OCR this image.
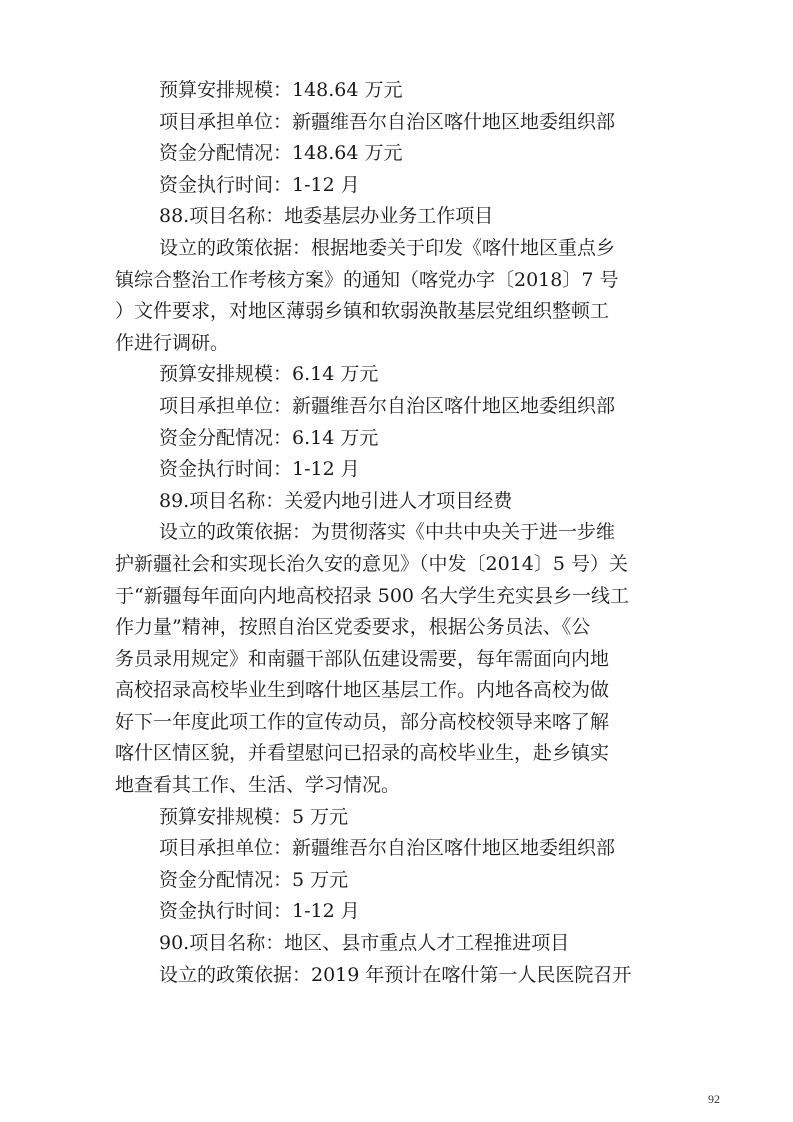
预算安排规模：148.64 万元
项目承担单位：新疆维吾尔自治区喀什地区地委组织部
资金分配情况：148.64 万元
资金执行时间：1-12 月
88.项目名称：地委基层办业务工作项目
设立的政策依据：根据地委关于印发《喀什地区重点乡
镇综合整治工作考核方案》的通知（喀党办字〔2018〕7 号
）文件要求，对地区薄弱乡镇和软弱涣散基层党组织整顿工
作进行调研。
预算安排规模：6.14 万元
项目承担单位：新疆维吾尔自治区喀什地区地委组织部
资金分配情况：6.14 万元
资金执行时间：1-12 月
89.项目名称：关爱内地引进人才项目经费
设立的政策依据：为贯彻落实《中共中央关于进一步维
护新疆社会和实现长治久安的意见》（中发〔2014〕5 号）关
于“新疆每年面向内地高校招录 500 名大学生充实县乡一线工
作力量”精神，按照自治区党委要求，根据公务员法、《公
务员录用规定》和南疆干部队伍建设需要，每年需面向内地
高校招录高校毕业生到喀什地区基层工作。内地各高校为做
好下一年度此项工作的宣传动员，部分高校校领导来喀了解
喀什区情区貌，并看望慰问已招录的高校毕业生，赴乡镇实
地查看其工作、生活、学习情况。
预算安排规模：5 万元
项目承担单位：新疆维吾尔自治区喀什地区地委组织部
资金分配情况：5 万元
资金执行时间：1-12 月
90.项目名称：地区、县市重点人才工程推进项目
设立的政策依据：2019 年预计在喀什第一人民医院召开
92
